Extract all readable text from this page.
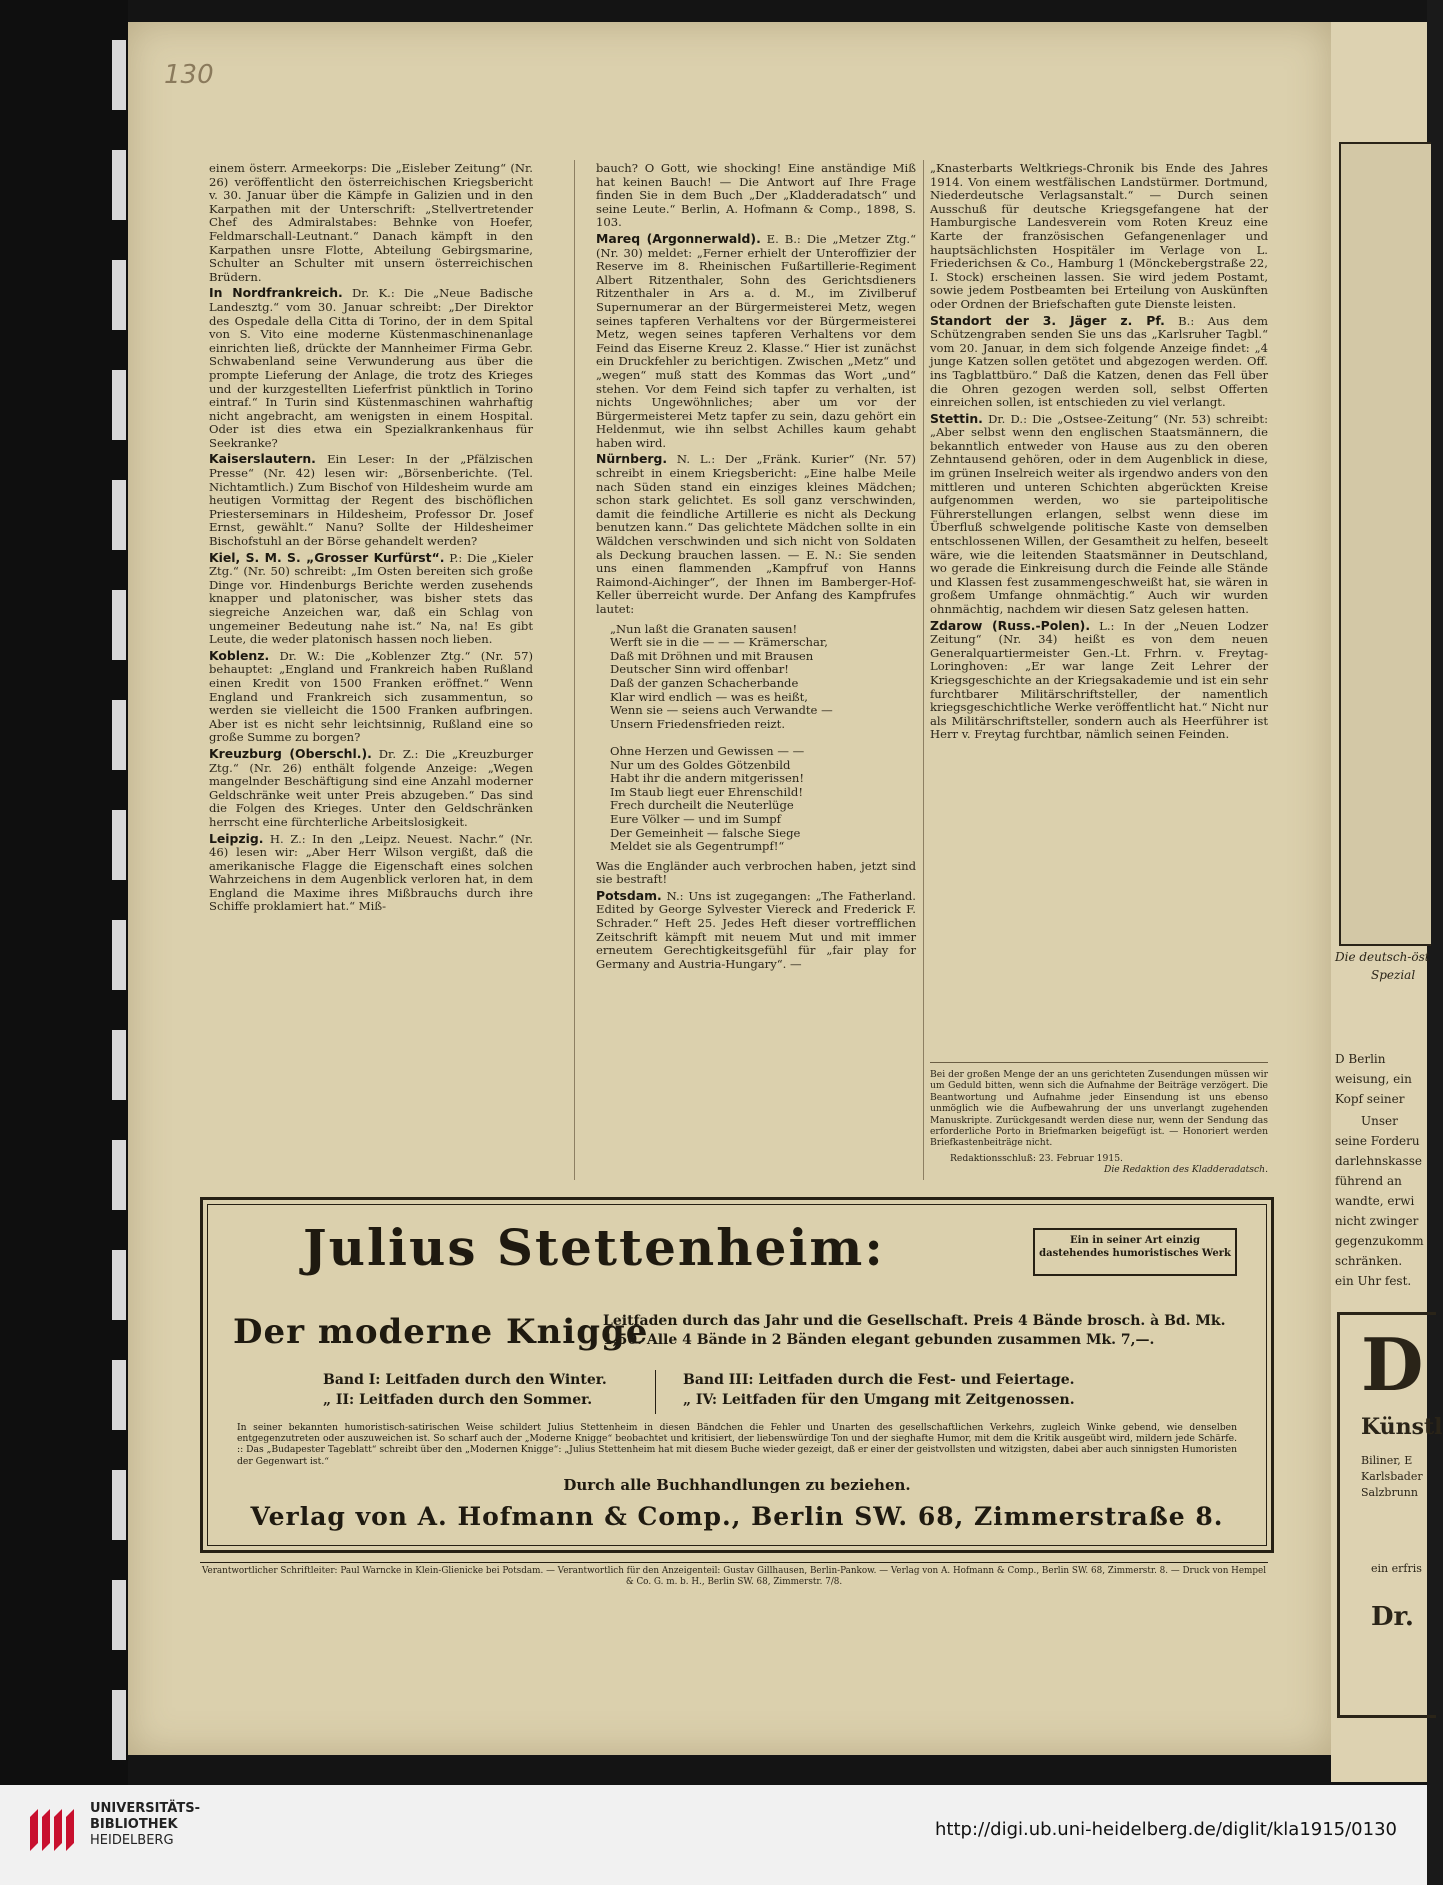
130

einem österr. Armeekorps: Die „Eisleber Zeitung“ (Nr. 26) veröffentlicht den österreichischen Kriegsbericht v. 30. Januar über die Kämpfe in Galizien und in den Karpathen mit der Unterschrift: „Stellvertretender Chef des Admiralstabes: Behnke von Hoefer, Feldmarschall-Leutnant.“ Danach kämpft in den Karpathen unsre Flotte, Abteilung Gebirgsmarine, Schulter an Schulter mit unsern österreichischen Brüdern.

In Nordfrankreich. Dr. K.: Die „Neue Badische Landesztg.“ vom 30. Januar schreibt: „Der Direktor des Ospedale della Citta di Torino, der in dem Spital von S. Vito eine moderne Küstenmaschinenanlage einrichten ließ, drückte der Mannheimer Firma Gebr. Schwabenland seine Verwunderung aus über die prompte Lieferung der Anlage, die trotz des Krieges und der kurzgestellten Lieferfrist pünktlich in Torino eintraf.“ In Turin sind Küstenmaschinen wahrhaftig nicht angebracht, am wenigsten in einem Hospital. Oder ist dies etwa ein Spezialkrankenhaus für Seekranke?

Kaiserslautern. Ein Leser: In der „Pfälzischen Presse“ (Nr. 42) lesen wir: „Börsenberichte. (Tel. Nichtamtlich.) Zum Bischof von Hildesheim wurde am heutigen Vormittag der Regent des bischöflichen Priesterseminars in Hildesheim, Professor Dr. Josef Ernst, gewählt.“ Nanu? Sollte der Hildesheimer Bischofstuhl an der Börse gehandelt werden?

Kiel, S. M. S. „Grosser Kurfürst“. P.: Die „Kieler Ztg.“ (Nr. 50) schreibt: „Im Osten bereiten sich große Dinge vor. Hindenburgs Berichte werden zusehends knapper und platonischer, was bisher stets das siegreiche Anzeichen war, daß ein Schlag von ungemeiner Bedeutung nahe ist.“ Na, na! Es gibt Leute, die weder platonisch hassen noch lieben.

Koblenz. Dr. W.: Die „Koblenzer Ztg.“ (Nr. 57) behauptet: „England und Frankreich haben Rußland einen Kredit von 1500 Franken eröffnet.“ Wenn England und Frankreich sich zusammentun, so werden sie vielleicht die 1500 Franken aufbringen. Aber ist es nicht sehr leichtsinnig, Rußland eine so große Summe zu borgen?

Kreuzburg (Oberschl.). Dr. Z.: Die „Kreuzburger Ztg.“ (Nr. 26) enthält folgende Anzeige: „Wegen mangelnder Beschäftigung sind eine Anzahl moderner Geldschränke weit unter Preis abzugeben.“ Das sind die Folgen des Krieges. Unter den Geldschränken herrscht eine fürchterliche Arbeitslosigkeit.

Leipzig. H. Z.: In den „Leipz. Neuest. Nachr.“ (Nr. 46) lesen wir: „Aber Herr Wilson vergißt, daß die amerikanische Flagge die Eigenschaft eines solchen Wahrzeichens in dem Augenblick verloren hat, in dem England die Maxime ihres Mißbrauchs durch ihre Schiffe proklamiert hat.“ Miß-

bauch? O Gott, wie shocking! Eine anständige Miß hat keinen Bauch! — Die Antwort auf Ihre Frage finden Sie in dem Buch „Der „Kladderadatsch“ und seine Leute.“ Berlin, A. Hofmann & Comp., 1898, S. 103.

Mareq (Argonnerwald). E. B.: Die „Metzer Ztg.“ (Nr. 30) meldet: „Ferner erhielt der Unteroffizier der Reserve im 8. Rheinischen Fußartillerie-Regiment Albert Ritzenthaler, Sohn des Gerichtsdieners Ritzenthaler in Ars a. d. M., im Zivilberuf Supernumerar an der Bürgermeisterei Metz, wegen seines tapferen Verhaltens vor der Bürgermeisterei Metz, wegen seines tapferen Verhaltens vor dem Feind das Eiserne Kreuz 2. Klasse.“ Hier ist zunächst ein Druckfehler zu berichtigen. Zwischen „Metz“ und „wegen“ muß statt des Kommas das Wort „und“ stehen. Vor dem Feind sich tapfer zu verhalten, ist nichts Ungewöhnliches; aber um vor der Bürgermeisterei Metz tapfer zu sein, dazu gehört ein Heldenmut, wie ihn selbst Achilles kaum gehabt haben wird.

Nürnberg. N. L.: Der „Fränk. Kurier“ (Nr. 57) schreibt in einem Kriegsbericht: „Eine halbe Meile nach Süden stand ein einziges kleines Mädchen; schon stark gelichtet. Es soll ganz verschwinden, damit die feindliche Artillerie es nicht als Deckung benutzen kann.“ Das gelichtete Mädchen sollte in ein Wäldchen verschwinden und sich nicht von Soldaten als Deckung brauchen lassen. — E. N.: Sie senden uns einen flammenden „Kampfruf von Hanns Raimond-Aichinger“, der Ihnen im Bamberger-Hof-Keller überreicht wurde. Der Anfang des Kampfrufes lautet:

„Nun laßt die Granaten sausen!
Werft sie in die — — — Krämerschar,
Daß mit Dröhnen und mit Brausen
Deutscher Sinn wird offenbar!
Daß der ganzen Schacherbande
Klar wird endlich — was es heißt,
Wenn sie — seiens auch Verwandte —
Unsern Friedensfrieden reizt.

Ohne Herzen und Gewissen — —
Nur um des Goldes Götzenbild
Habt ihr die andern mitgerissen!
Im Staub liegt euer Ehrenschild!
Frech durcheilt die Neuterlüge
Eure Völker — und im Sumpf
Der Gemeinheit — falsche Siege
Meldet sie als Gegentrumpf!“

Was die Engländer auch verbrochen haben, jetzt sind sie bestraft!

Potsdam. N.: Uns ist zugegangen: „The Fatherland. Edited by George Sylvester Viereck and Frederick F. Schrader.“ Heft 25. Jedes Heft dieser vortrefflichen Zeitschrift kämpft mit neuem Mut und mit immer erneutem Gerechtigkeitsgefühl für „fair play for Germany and Austria-Hungary“. —

„Knasterbarts Weltkriegs-Chronik bis Ende des Jahres 1914. Von einem westfälischen Landstürmer. Dortmund, Niederdeutsche Verlagsanstalt.“ — Durch seinen Ausschuß für deutsche Kriegsgefangene hat der Hamburgische Landesverein vom Roten Kreuz eine Karte der französischen Gefangenenlager und hauptsächlichsten Hospitäler im Verlage von L. Friederichsen & Co., Hamburg 1 (Mönckebergstraße 22, I. Stock) erscheinen lassen. Sie wird jedem Postamt, sowie jedem Postbeamten bei Erteilung von Auskünften oder Ordnen der Briefschaften gute Dienste leisten.

Standort der 3. Jäger z. Pf. B.: Aus dem Schützengraben senden Sie uns das „Karlsruher Tagbl.“ vom 20. Januar, in dem sich folgende Anzeige findet: „4 junge Katzen sollen getötet und abgezogen werden. Off. ins Tagblattbüro.“ Daß die Katzen, denen das Fell über die Ohren gezogen werden soll, selbst Offerten einreichen sollen, ist entschieden zu viel verlangt.

Stettin. Dr. D.: Die „Ostsee-Zeitung“ (Nr. 53) schreibt: „Aber selbst wenn den englischen Staatsmännern, die bekanntlich entweder von Hause aus zu den oberen Zehntausend gehören, oder in dem Augenblick in diese, im grünen Inselreich weiter als irgendwo anders von den mittleren und unteren Schichten abgerückten Kreise aufgenommen werden, wo sie parteipolitische Führerstellungen erlangen, selbst wenn diese im Überfluß schwelgende politische Kaste von demselben entschlossenen Willen, der Gesamtheit zu helfen, beseelt wäre, wie die leitenden Staatsmänner in Deutschland, wo gerade die Einkreisung durch die Feinde alle Stände und Klassen fest zusammengeschweißt hat, sie wären in großem Umfange ohnmächtig.“ Auch wir wurden ohnmächtig, nachdem wir diesen Satz gelesen hatten.

Zdarow (Russ.-Polen). L.: In der „Neuen Lodzer Zeitung“ (Nr. 34) heißt es von dem neuen Generalquartiermeister Gen.-Lt. Frhrn. v. Freytag-Loringhoven: „Er war lange Zeit Lehrer der Kriegsgeschichte an der Kriegsakademie und ist ein sehr furchtbarer Militärschriftsteller, der namentlich kriegsgeschichtliche Werke veröffentlicht hat.“ Nicht nur als Militärschriftsteller, sondern auch als Heerführer ist Herr v. Freytag furchtbar, nämlich seinen Feinden.

Bei der großen Menge der an uns gerichteten Zusendungen müssen wir um Geduld bitten, wenn sich die Aufnahme der Beiträge verzögert. Die Beantwortung und Aufnahme jeder Einsendung ist uns ebenso unmöglich wie die Aufbewahrung der uns unverlangt zugehenden Manuskripte. Zurückgesandt werden diese nur, wenn der Sendung das erforderliche Porto in Briefmarken beigefügt ist. — Honoriert werden Briefkastenbeiträge nicht.
Redaktionsschluß: 23. Februar 1915.
Die Redaktion des Kladderadatsch.
Julius Stettenheim:	Ein in seiner Art einzig dastehendes humoristisches Werk
Der moderne Knigge
Leitfaden durch das Jahr und die Gesellschaft. Preis 4 Bände brosch. à Bd. Mk. 1,50. Alle 4 Bände in 2 Bänden elegant gebunden zusammen Mk. 7,—.
Band I: Leitfaden durch den Winter.
„ II: Leitfaden durch den Sommer.
Band III: Leitfaden durch die Fest- und Feiertage.
„ IV: Leitfaden für den Umgang mit Zeitgenossen.
In seiner bekannten humoristisch-satirischen Weise schildert Julius Stettenheim in diesen Bändchen die Fehler und Unarten des gesellschaftlichen Verkehrs, zugleich Winke gebend, wie denselben entgegenzutreten oder auszuweichen ist. So scharf auch der „Moderne Knigge“ beobachtet und kritisiert, der liebenswürdige Ton und der sieghafte Humor, mit dem die Kritik ausgeübt wird, mildern jede Schärfe. :: Das „Budapester Tageblatt“ schreibt über den „Modernen Knigge“: „Julius Stettenheim hat mit diesem Buche wieder gezeigt, daß er einer der geistvollsten und witzigsten, dabei aber auch sinnigsten Humoristen der Gegenwart ist.“
Durch alle Buchhandlungen zu beziehen.
Verlag von A. Hofmann & Comp., Berlin SW. 68, Zimmerstraße 8.
Verantwortlicher Schriftleiter: Paul Warncke in Klein-Glienicke bei Potsdam. — Verantwortlich für den Anzeigenteil: Gustav Gillhausen, Berlin-Pankow. — Verlag von A. Hofmann & Comp., Berlin SW. 68, Zimmerstr. 8. — Druck von Hempel & Co. G. m. b. H., Berlin SW. 68, Zimmerstr. 7/8.
Die deutsch-öst
Spezial
D Berlin
weisung, ein
Kopf seiner
Unser
seine Forderu
darlehnskasse
führend an
wandte, erwi
nicht zwinger
gegenzukomm
schränken.
ein Uhr fest.
D
Künstl
Biliner, E
Karlsbader
Salzbrunn
ein erfris
Dr.
UNIVERSITÄTS-
BIBLIOTHEK
HEIDELBERG
http://digi.ub.uni-heidelberg.de/diglit/kla1915/0130
